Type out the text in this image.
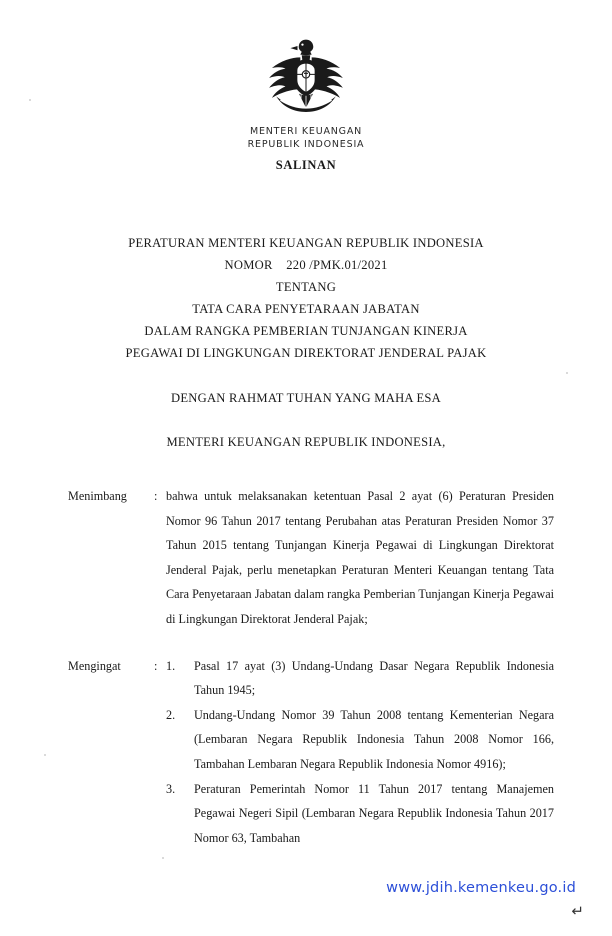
MENTERI KEUANGAN
REPUBLIK INDONESIA
SALINAN
PERATURAN MENTERI KEUANGAN REPUBLIK INDONESIA
NOMOR    220 /PMK.01/2021
TENTANG
TATA CARA PENYETARAAN JABATAN
DALAM RANGKA PEMBERIAN TUNJANGAN KINERJA
PEGAWAI DI LINGKUNGAN DIREKTORAT JENDERAL PAJAK
DENGAN RAHMAT TUHAN YANG MAHA ESA
MENTERI KEUANGAN REPUBLIK INDONESIA,
Menimbang	: bahwa untuk melaksanakan ketentuan Pasal 2 ayat (6) Peraturan Presiden Nomor 96 Tahun 2017 tentang Perubahan atas Peraturan Presiden Nomor 37 Tahun 2015 tentang Tunjangan Kinerja Pegawai di Lingkungan Direktorat Jenderal Pajak, perlu menetapkan Peraturan Menteri Keuangan tentang Tata Cara Penyetaraan Jabatan dalam rangka Pemberian Tunjangan Kinerja Pegawai di Lingkungan Direktorat Jenderal Pajak;

Mengingat	: 1.	Pasal 17 ayat (3) Undang-Undang Dasar Negara Republik Indonesia Tahun 1945;
2.	Undang-Undang Nomor 39 Tahun 2008 tentang Kementerian Negara (Lembaran Negara Republik Indonesia Tahun 2008 Nomor 166, Tambahan Lembaran Negara Republik Indonesia Nomor 4916);
3.	Peraturan Pemerintah Nomor 11 Tahun 2017 tentang Manajemen Pegawai Negeri Sipil (Lembaran Negara Republik Indonesia Tahun 2017 Nomor 63, Tambahan
www.jdih.kemenkeu.go.id
↵
